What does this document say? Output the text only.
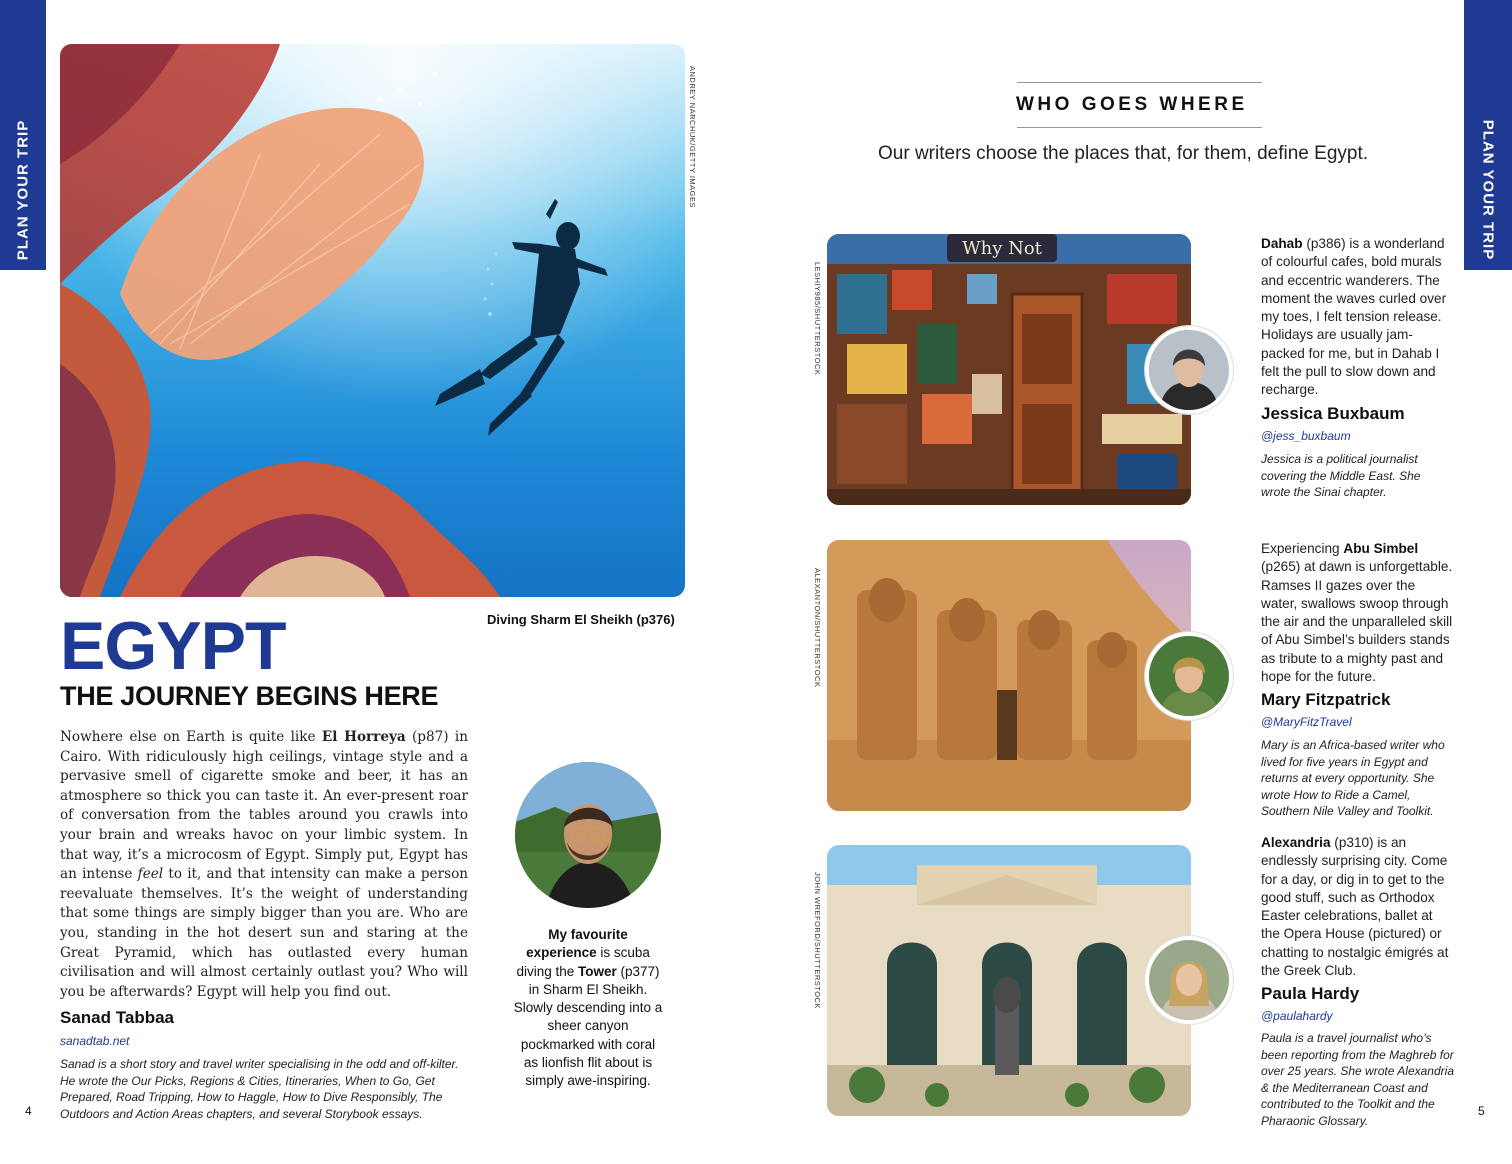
PLAN YOUR TRIP	PLAN YOUR TRIP
ANDREY NARCHUK/GETTY IMAGES
Diving Sharm El Sheikh (p376)
EGYPT
THE JOURNEY BEGINS HERE
Nowhere else on Earth is quite like El Horreya (p87) in Cairo. With ridiculously high ceilings, vintage style and a pervasive smell of cigarette smoke and beer, it has an atmosphere so thick you can taste it. An ever-present roar of conversation from the tables around you crawls into your brain and wreaks havoc on your limbic system. In that way, it’s a microcosm of Egypt. Simply put, Egypt has an intense feel to it, and that intensity can make a person reevaluate themselves. It’s the weight of understanding that some things are simply bigger than you are. Who are you, standing in the hot desert sun and staring at the Great Pyramid, which has outlasted every human civilisation and will almost certainly outlast you? Who will you be afterwards? Egypt will help you find out.
Sanad Tabbaa
sanadtab.net
Sanad is a short story and travel writer specialising in the odd and off-kilter. He wrote the Our Picks, Regions & Cities, Itineraries, When to Go, Get Prepared, Road Tripping, How to Haggle, How to Dive Responsibly, The Outdoors and Action Areas chapters, and several Storybook essays.
My favourite experience is scuba diving the Tower (p377) in Sharm El Sheikh. Slowly descending into a sheer canyon pockmarked with coral as lionfish flit about is simply awe-inspiring.
4
WHO GOES WHERE
Our writers choose the places that, for them, define Egypt.
Why Not
LESHIY985/SHUTTERSTOCK
Dahab (p386) is a wonderland of colourful cafes, bold murals and eccentric wanderers. The moment the waves curled over my toes, I felt tension release. Holidays are usually jam-packed for me, but in Dahab I felt the pull to slow down and recharge.
Jessica Buxbaum
@jess_buxbaum
Jessica is a political journalist covering the Middle East. She wrote the Sinai chapter.
ALEXANTON/SHUTTERSTOCK
Experiencing Abu Simbel (p265) at dawn is unforgettable. Ramses II gazes over the water, swallows swoop through the air and the unparalleled skill of Abu Simbel’s builders stands as tribute to a mighty past and hope for the future.
Mary Fitzpatrick
@MaryFitzTravel
Mary is an Africa-based writer who lived for five years in Egypt and returns at every opportunity. She wrote How to Ride a Camel, Southern Nile Valley and Toolkit.
JOHN WREFORD/SHUTTERSTOCK
Alexandria (p310) is an endlessly surprising city. Come for a day, or dig in to get to the good stuff, such as Orthodox Easter celebrations, ballet at the Opera House (pictured) or chatting to nostalgic émigrés at the Greek Club.
Paula Hardy
@paulahardy
Paula is a travel journalist who’s been reporting from the Maghreb for over 25 years. She wrote Alexandria & the Mediterranean Coast and contributed to the Toolkit and the Pharaonic Glossary.
5
